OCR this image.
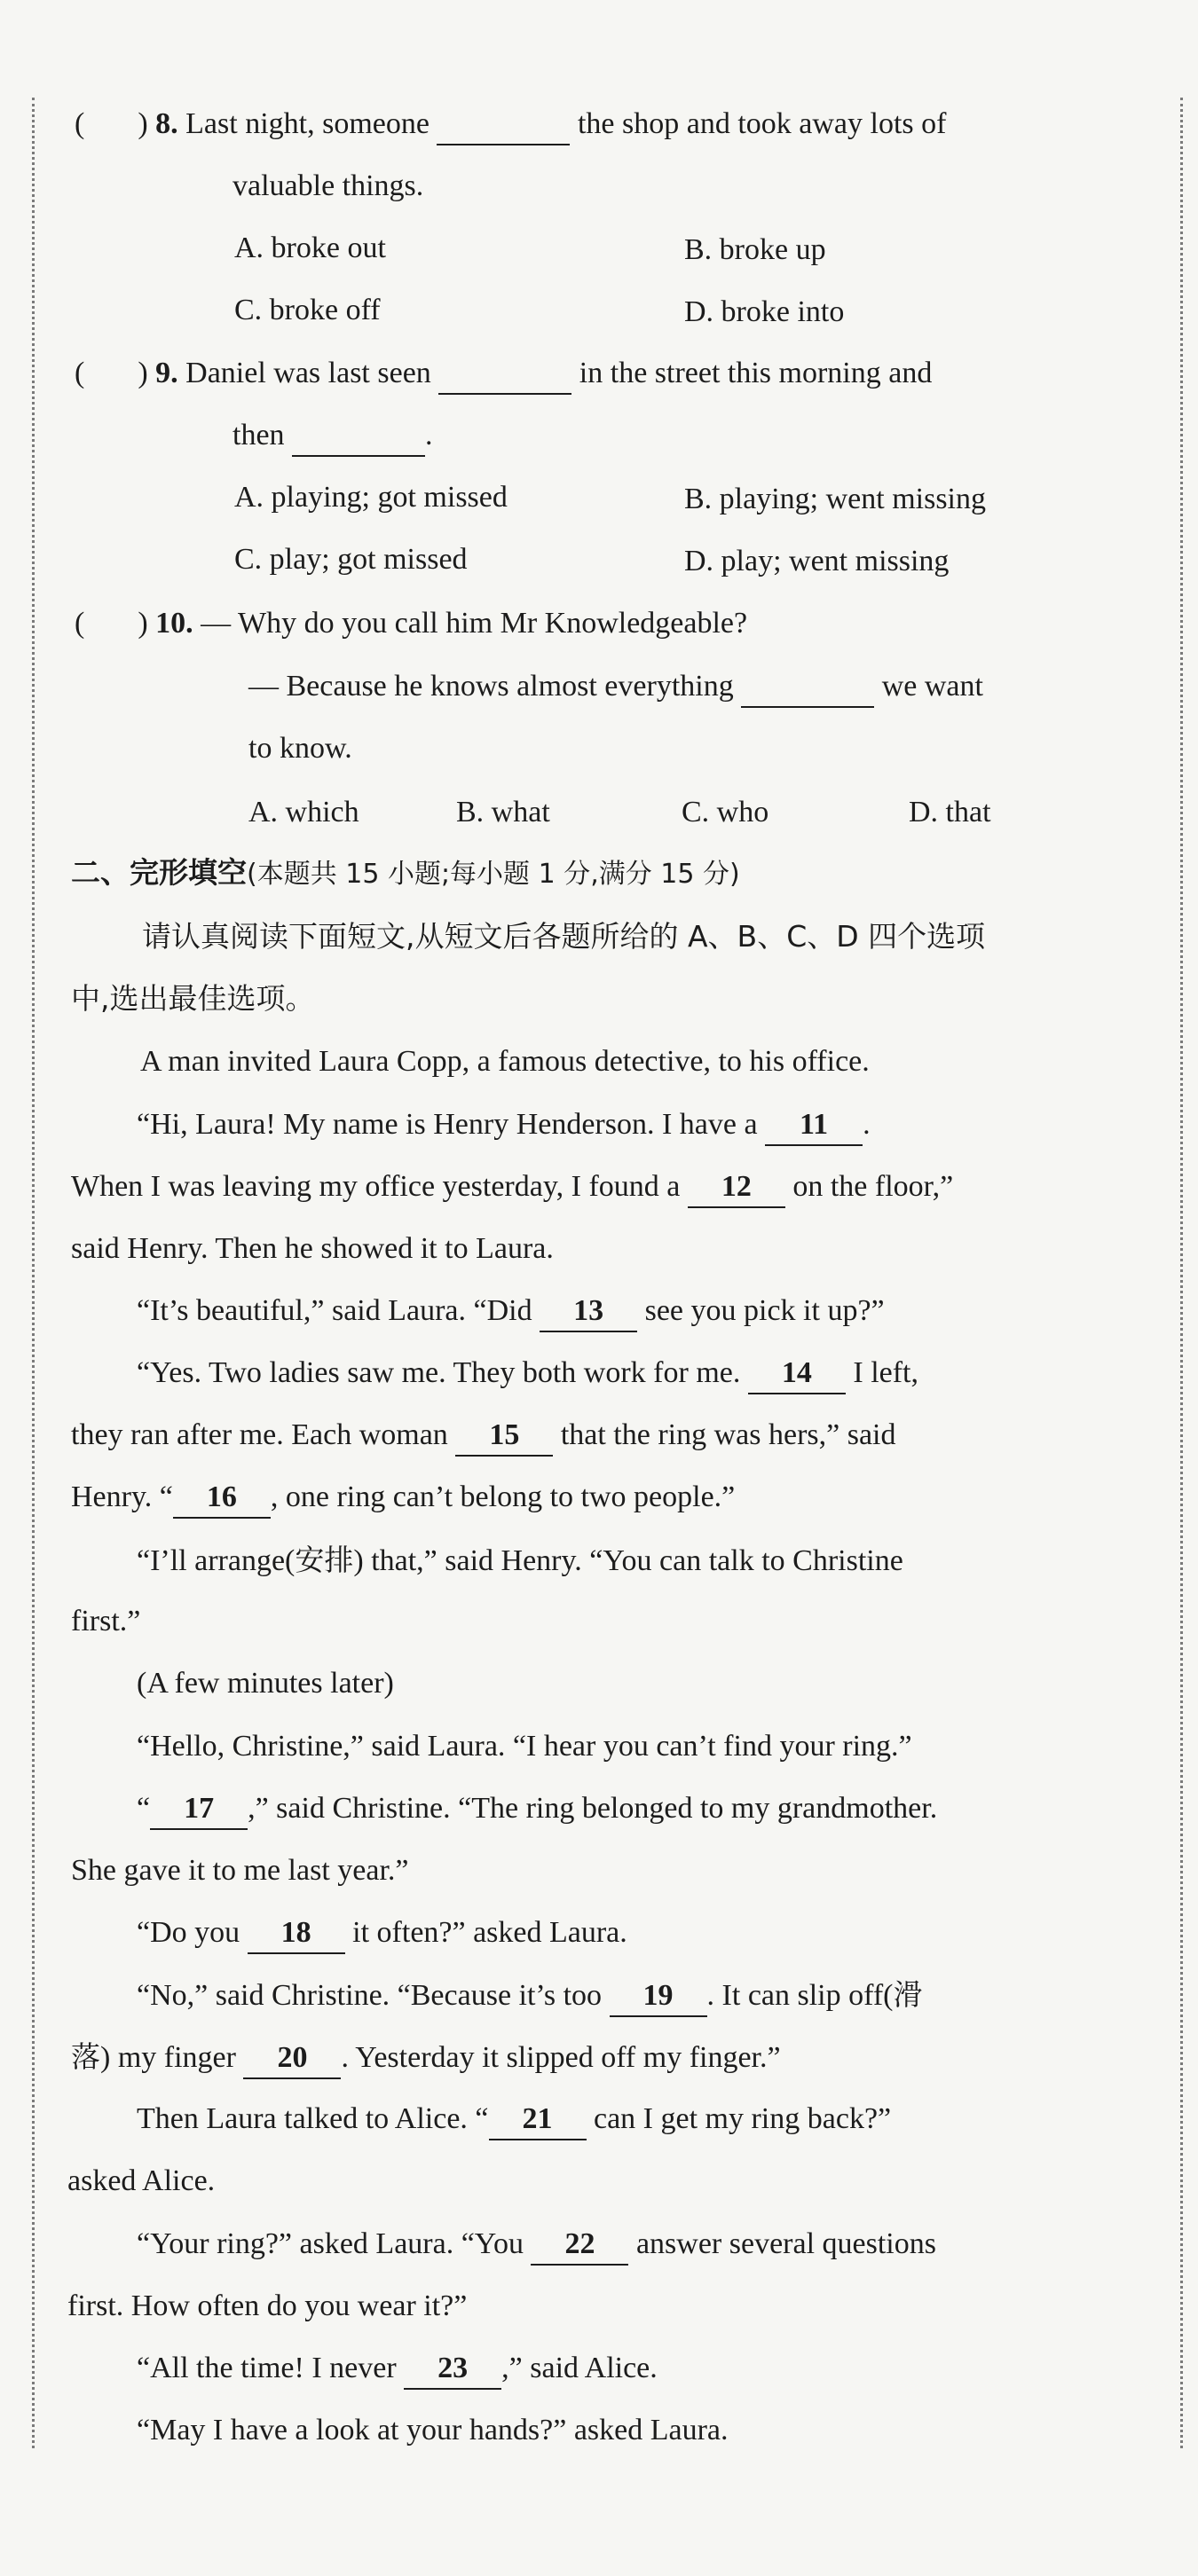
( ) 8. Last night, someone	the shop and took away lots of
valuable things.
A. broke out	B. broke up
C. broke off	D. broke into
( ) 9. Daniel was last seen	in the street this morning and
then	.
A. playing; got missed	B. playing; went missing
C. play; got missed	D. play; went missing
( ) 10. — Why do you call him Mr Knowledgeable?
— Because he knows almost everything	we want
to know.
A. which	B. what	C. who	D. that
二、完形填空(本题共 15 小题;每小题 1 分,满分 15 分)
请认真阅读下面短文,从短文后各题所给的 A、B、C、D 四个选项
中,选出最佳选项。
A man invited Laura Copp, a famous detective, to his office.
“Hi, Laura! My name is Henry Henderson. I have a 11 .
When I was leaving my office yesterday, I found a 12 on the floor,”
said Henry. Then he showed it to Laura.
“It’s beautiful,” said Laura. “Did 13 see you pick it up?”
“Yes. Two ladies saw me. They both work for me. 14 I left,
they ran after me. Each woman 15 that the ring was hers,” said
Henry. “ 16 , one ring can’t belong to two people.”
“I’ll arrange(安排) that,” said Henry. “You can talk to Christine
first.”
(A few minutes later)
“Hello, Christine,” said Laura. “I hear you can’t find your ring.”
“ 17 ,” said Christine. “The ring belonged to my grandmother.
She gave it to me last year.”
“Do you 18 it often?” asked Laura.
“No,” said Christine. “Because it’s too 19 . It can slip off(滑
落) my finger 20 . Yesterday it slipped off my finger.”
Then Laura talked to Alice. “ 21 can I get my ring back?”
asked Alice.
“Your ring?” asked Laura. “You 22 answer several questions
first. How often do you wear it?”
“All the time! I never 23 ,” said Alice.
“May I have a look at your hands?” asked Laura.
